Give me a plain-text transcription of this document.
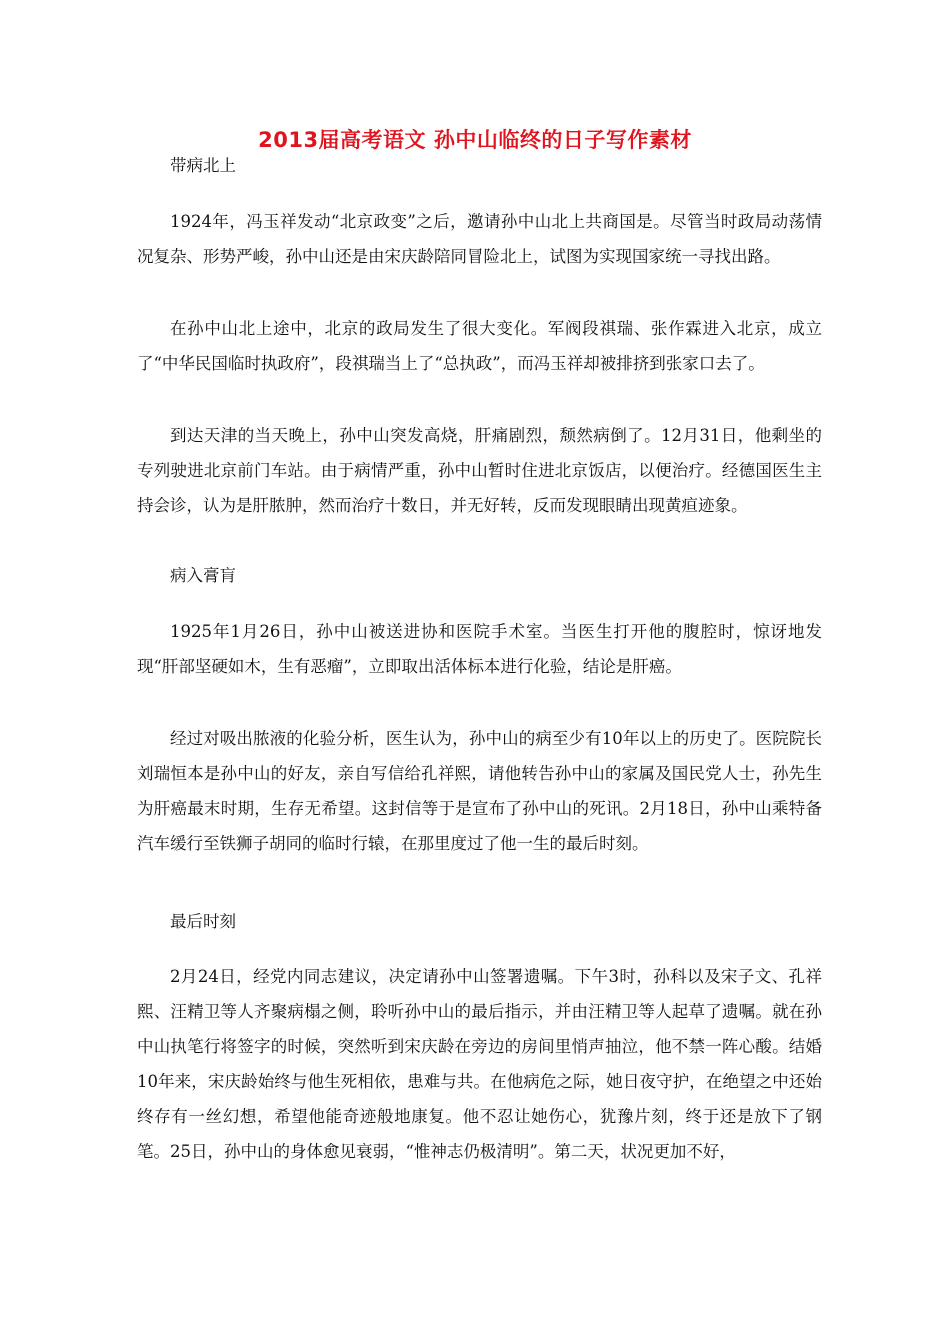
2013届高考语文 孙中山临终的日子写作素材
带病北上

1924年，冯玉祥发动“北京政变”之后，邀请孙中山北上共商国是。尽管当时政局动荡情况复杂、形势严峻，孙中山还是由宋庆龄陪同冒险北上，试图为实现国家统一寻找出路。

在孙中山北上途中，北京的政局发生了很大变化。军阀段祺瑞、张作霖进入北京，成立了“中华民国临时执政府”，段祺瑞当上了“总执政”，而冯玉祥却被排挤到张家口去了。

到达天津的当天晚上，孙中山突发高烧，肝痛剧烈，颓然病倒了。12月31日，他剩坐的专列驶进北京前门车站。由于病情严重，孙中山暂时住进北京饭店，以便治疗。经德国医生主持会诊，认为是肝脓肿，然而治疗十数日，并无好转，反而发现眼睛出现黄疸迹象。

病入膏肓

1925年1月26日，孙中山被送进协和医院手术室。当医生打开他的腹腔时，惊讶地发现“肝部坚硬如木，生有恶瘤”，立即取出活体标本进行化验，结论是肝癌。

经过对吸出脓液的化验分析，医生认为，孙中山的病至少有10年以上的历史了。医院院长刘瑞恒本是孙中山的好友，亲自写信给孔祥熙，请他转告孙中山的家属及国民党人士，孙先生为肝癌最末时期，生存无希望。这封信等于是宣布了孙中山的死讯。2月18日，孙中山乘特备汽车缓行至铁狮子胡同的临时行辕，在那里度过了他一生的最后时刻。

最后时刻

2月24日，经党内同志建议，决定请孙中山签署遗嘱。下午3时，孙科以及宋子文、孔祥熙、汪精卫等人齐聚病榻之侧，聆听孙中山的最后指示，并由汪精卫等人起草了遗嘱。就在孙中山执笔行将签字的时候，突然听到宋庆龄在旁边的房间里悄声抽泣，他不禁一阵心酸。结婚10年来，宋庆龄始终与他生死相依，患难与共。在他病危之际，她日夜守护，在绝望之中还始终存有一丝幻想，希望他能奇迹般地康复。他不忍让她伤心，犹豫片刻，终于还是放下了钢笔。25日，孙中山的身体愈见衰弱，“惟神志仍极清明”。第二天，状况更加不好，
